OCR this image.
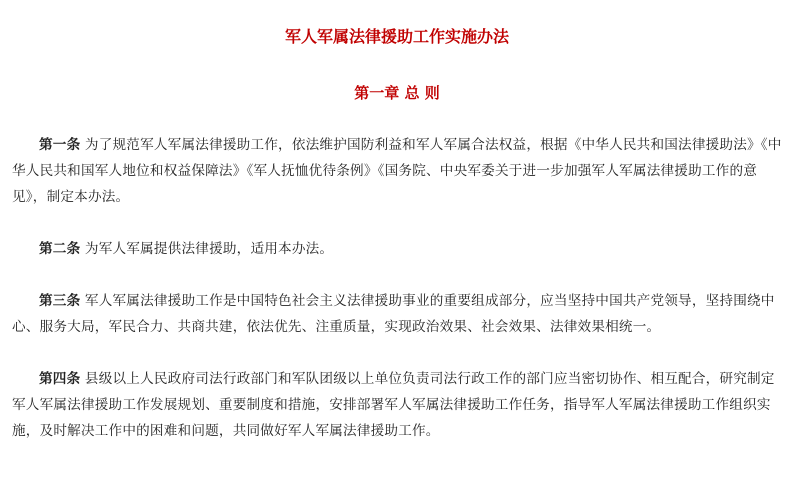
军人军属法律援助工作实施办法
第一章 总 则

第一条 为了规范军人军属法律援助工作，依法维护国防利益和军人军属合法权益，根据《中华人民共和国法律援助法》《中华人民共和国军人地位和权益保障法》《军人抚恤优待条例》《国务院、中央军委关于进一步加强军人军属法律援助工作的意见》，制定本办法。

第二条 为军人军属提供法律援助，适用本办法。

第三条 军人军属法律援助工作是中国特色社会主义法律援助事业的重要组成部分，应当坚持中国共产党领导，坚持围绕中心、服务大局，军民合力、共商共建，依法优先、注重质量，实现政治效果、社会效果、法律效果相统一。

第四条 县级以上人民政府司法行政部门和军队团级以上单位负责司法行政工作的部门应当密切协作、相互配合，研究制定军人军属法律援助工作发展规划、重要制度和措施，安排部署军人军属法律援助工作任务，指导军人军属法律援助工作组织实施，及时解决工作中的困难和问题，共同做好军人军属法律援助工作。
